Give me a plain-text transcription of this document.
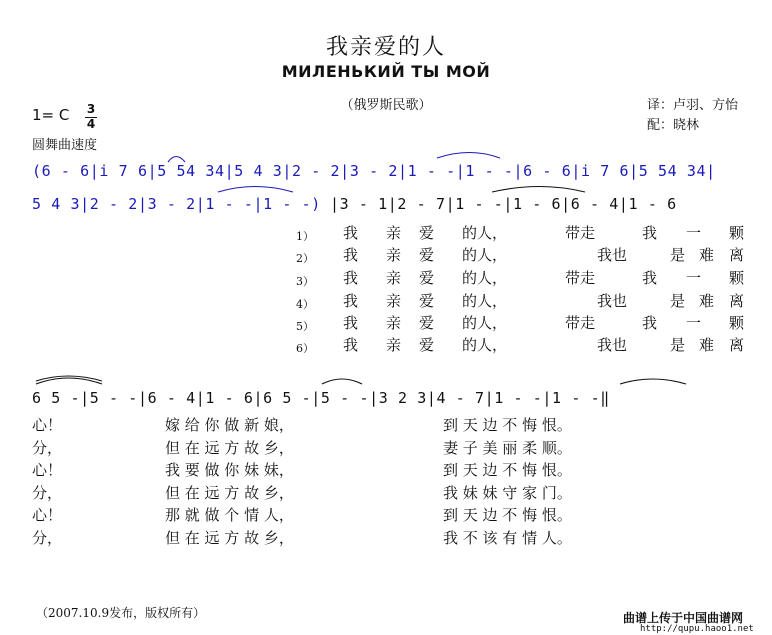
我亲爱的人
МИЛЕНЬКИЙ ТЫ МОЙ
（俄罗斯民歌）	译：卢羽、方怡
配：晓林
1= C 3
4
圆舞曲速度
(6 - 6|i 7 6|5 54 34|5 4 3|2 - 2|3 - 2|1 - -|1 - -|6 - 6|i 7 6|5 54 34|
5 4 3|2 - 2|3 - 2|1 - -|1 - -) |3 - 1|2 - 7|1 - -|1 - 6|6 - 4|1 - 6
1） 我 亲 爱 的人，	带走	我 一 颗
2） 我 亲 爱 的人，	我也	是 难 离
3） 我 亲 爱 的人，	带走	我 一 颗
4） 我 亲 爱 的人，	我也	是 难 离
5） 我 亲 爱 的人，	带走	我 一 颗
6） 我 亲 爱 的人，	我也	是 难 离
6 5 -|5 - -|6 - 4|1 - 6|6 5 -|5 - -|3 2 3|4 - 7|1 - -|1 - -‖
心！	嫁 给 你 做 新 娘，	到 天 边 不 悔 恨。
分，	但 在 远 方 故 乡，	妻 子 美 丽 柔 顺。
心！	我 要 做 你 妹 妹，	到 天 边 不 悔 恨。
分，	但 在 远 方 故 乡，	我 妹 妹 守 家 门。
心！	那 就 做 个 情 人，	到 天 边 不 悔 恨。
分，	但 在 远 方 故 乡，	我 不 该 有 情 人。
（2007.10.9发布，版权所有）	曲谱上传于中国曲谱网
http://qupu.haoo1.net
